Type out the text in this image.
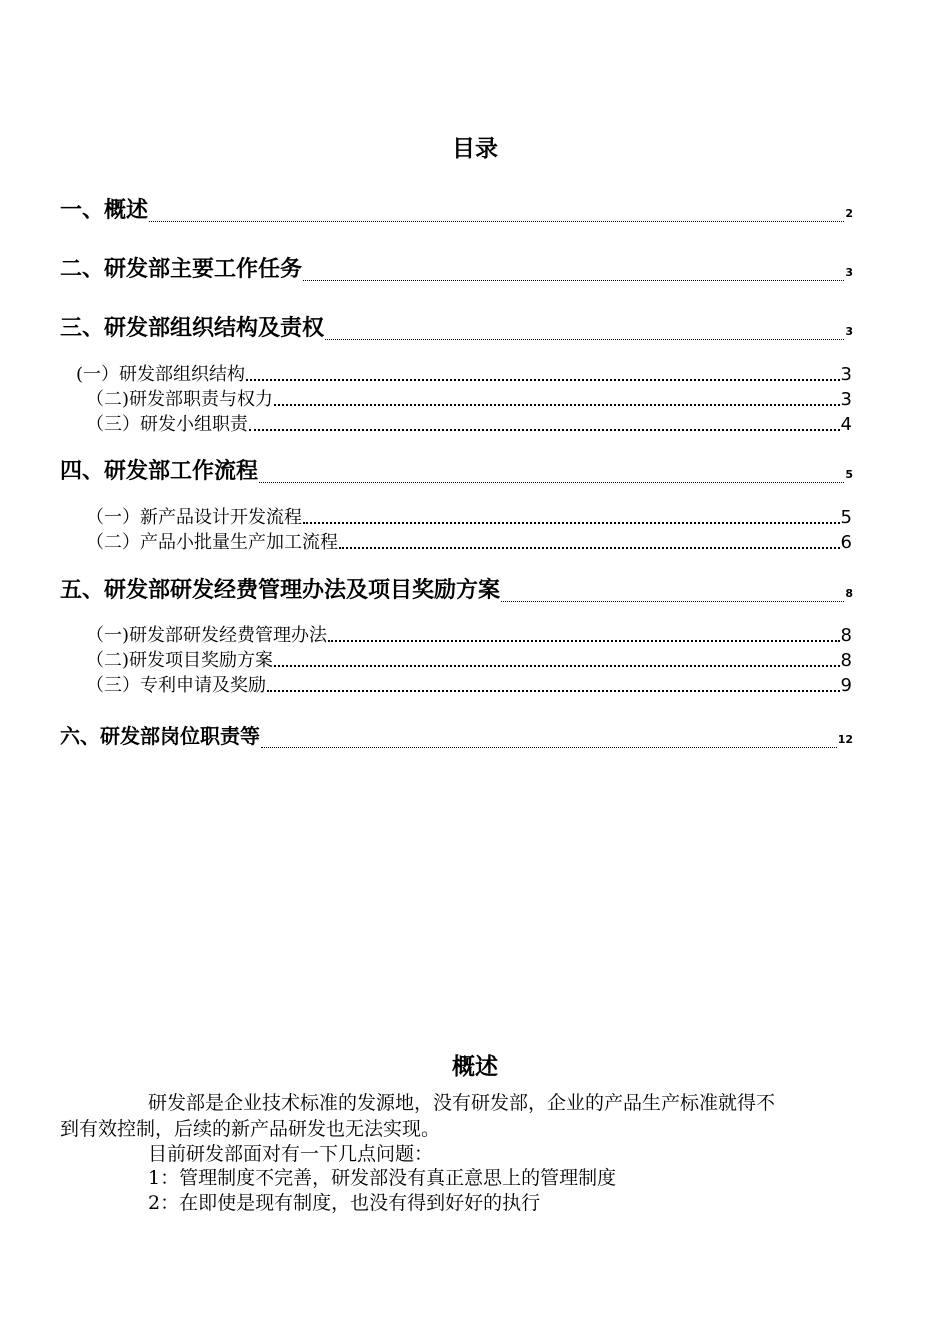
目录
一、概述	2
二、研发部主要工作任务	3
三、研发部组织结构及责权	3
(一）研发部组织结构	3
（二)研发部职责与权力	3
（三）研发小组职责	4
四、研发部工作流程	5
（一）新产品设计开发流程	5
（二）产品小批量生产加工流程	6
五、研发部研发经费管理办法及项目奖励方案	8
（一)研发部研发经费管理办法	8
（二)研发项目奖励方案	8
（三）专利申请及奖励	9
六、研发部岗位职责等	12
概述
研发部是企业技术标准的发源地，没有研发部，企业的产品生产标准就得不
到有效控制，后续的新产品研发也无法实现。
目前研发部面对有一下几点问题：
1：管理制度不完善，研发部没有真正意思上的管理制度
2：在即使是现有制度，也没有得到好好的执行
